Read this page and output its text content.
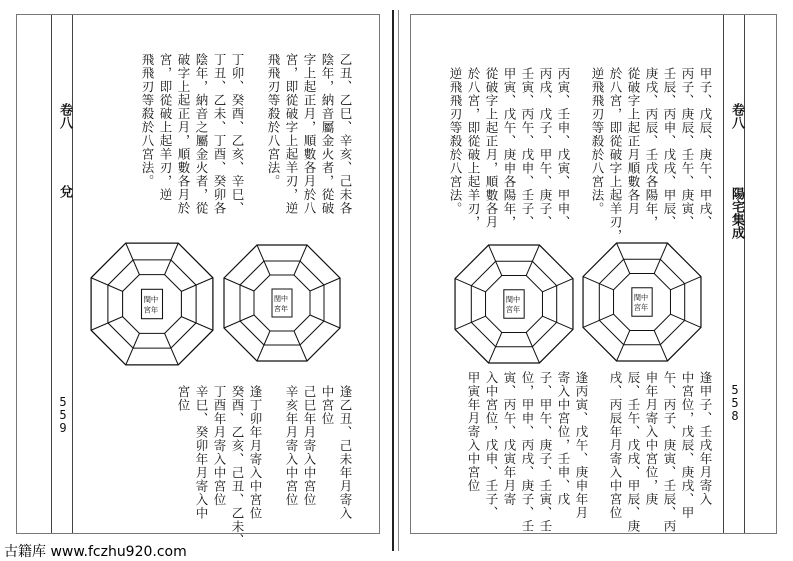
卷八
兌
559
乙丑、乙巳、辛亥、己未各
陰年，納音屬金火者，從破
字上起正月，順數各月於八
宮，即從破字上起羊刃，逆
飛飛刃等殺於八宮法。
丁卯、癸酉、乙亥、辛巳、
丁丑、乙未、丁酉、癸卯各
陰年，納音之屬金火者，從
破字上起正月，順數各月於
宮，即從破上起羊刃，逆
飛飛刃等殺於八宮法。
閏中
宮年
閏中
宮年
逢乙丑、己未年月寄入
中宮位
己巳年月寄入中宮位
辛亥年月寄入中宮位
逢丁卯年月寄入中宮位
癸酉、乙亥、己丑、乙未、
丁酉年月寄入中宮位
辛巳、癸卯年月寄入中
宮位
卷八
陽宅集成
558
甲子、戊辰、庚午、甲戌、
丙子、庚辰、壬午、庚寅、
壬辰、丙申、戊戌、甲辰、
庚戌、丙辰、壬戌各陽年，
從破字上起正月順數各月
於八宮，即從破字上起羊刃，
逆飛飛刃等殺於八宮法。
丙寅、壬申、戊寅、甲申、
丙戌、戊子、甲午、庚子、
壬寅、丙午、戊申、壬子、
甲寅、戊午、庚申各陽年，
從破字上起正月，順數各月
於八宮，即從破上起羊刃，
逆飛飛刃等殺於八宮法。
閏中
宮年
閏中
宮年
逢甲子、壬戌年月寄入
中宮位，戊辰、庚戌、甲
午、丙子、庚寅、壬辰、丙
申年月寄入中宮位，庚
辰、壬午、戊戌、甲辰、庚
戌、丙辰年月寄入中宮位
逢丙寅、戊午、庚申年月
寄入中宮位，壬申、戊
子、甲午、庚子、壬寅、壬
位，甲申、丙戌、庚子、壬
寅、丙午、戊寅年月寄
入中宮位，戊申、壬子、
甲寅年月寄入中宮位
古籍库 www.fczhu920.com
